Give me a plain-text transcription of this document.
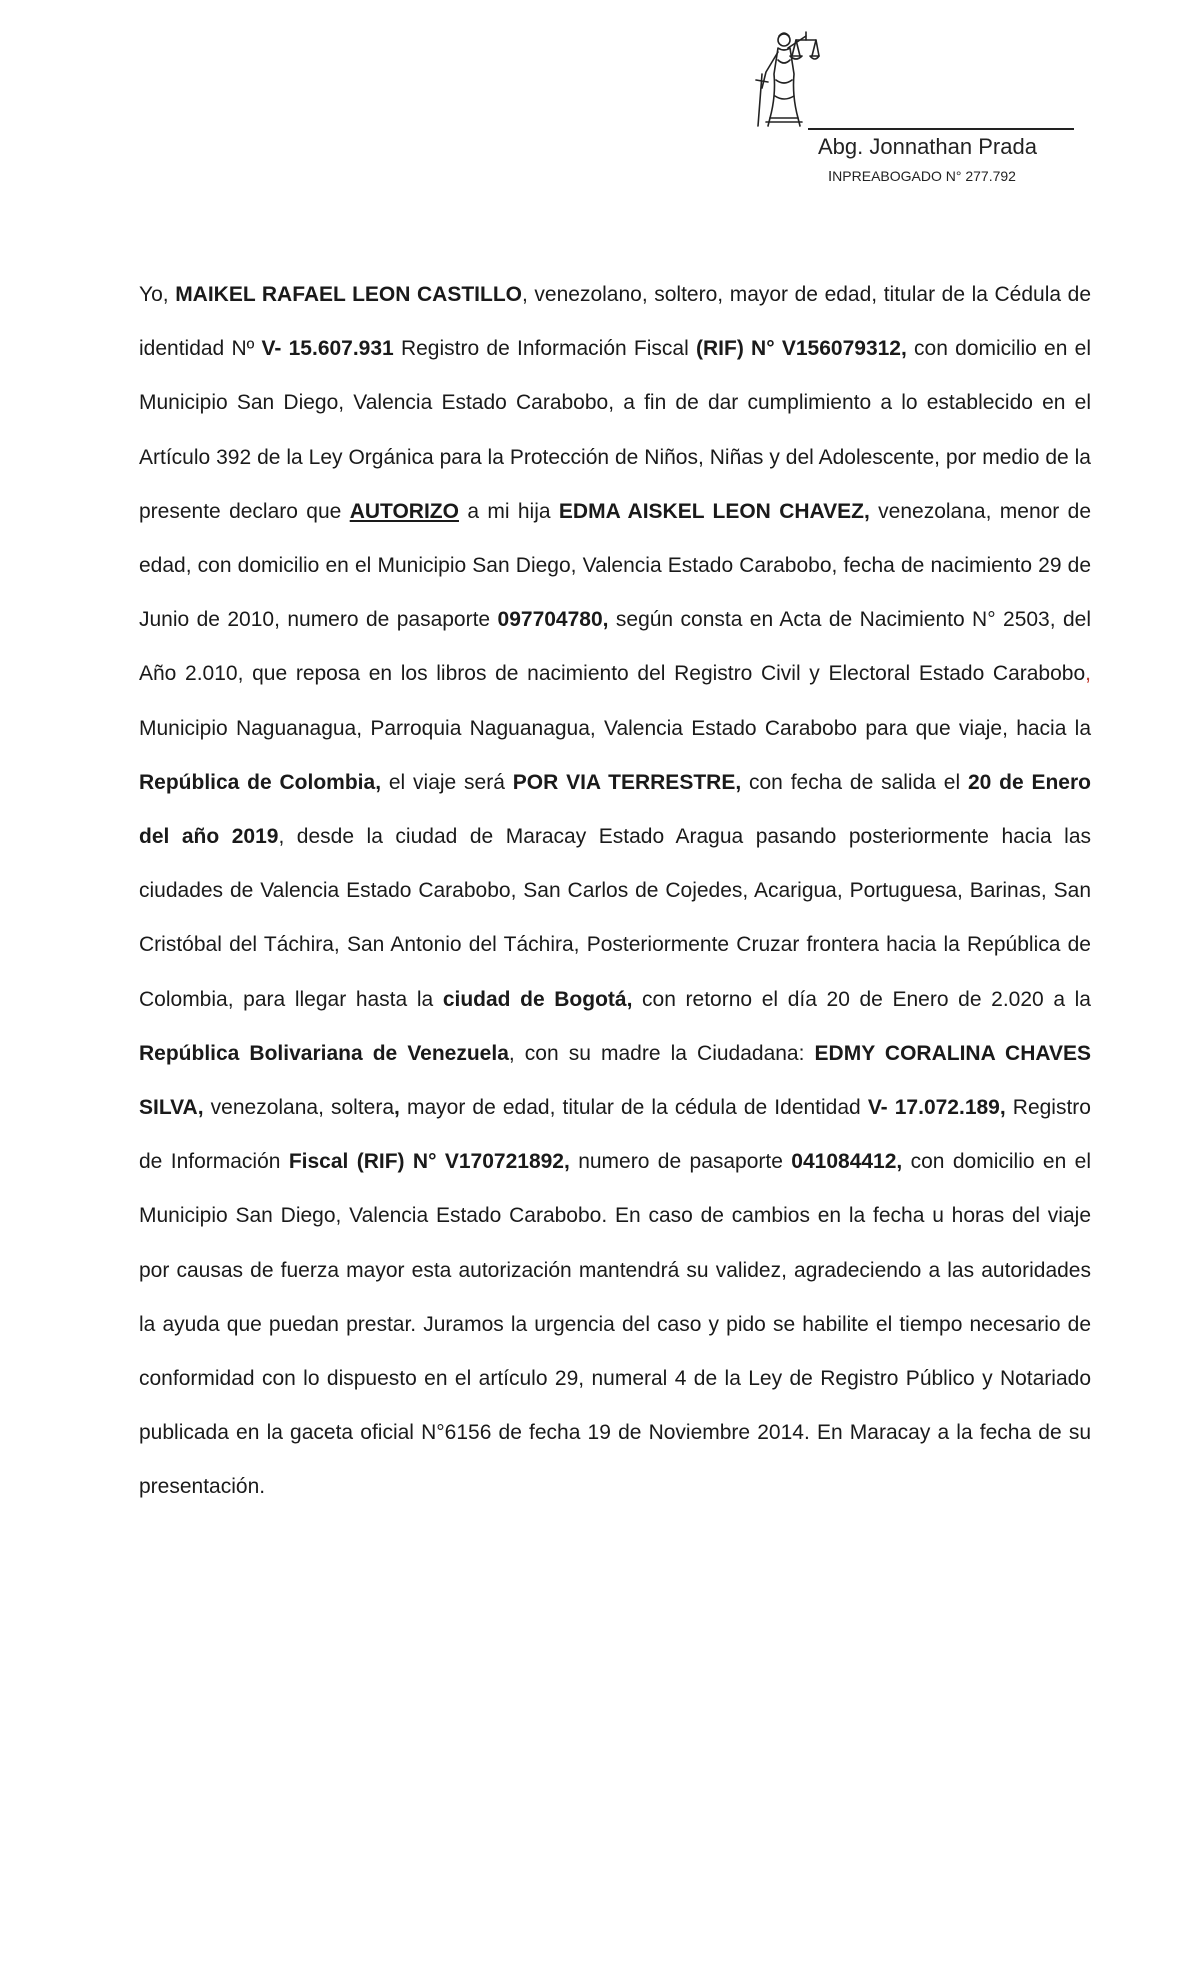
Abg. Jonnathan Prada
INPREABOGADO N° 277.792
Yo, MAIKEL RAFAEL LEON CASTILLO, venezolano, soltero, mayor de edad, titular de la Cédula de identidad Nº V- 15.607.931 Registro de Información Fiscal (RIF) N° V156079312, con domicilio en el Municipio San Diego, Valencia Estado Carabobo, a fin de dar cumplimiento a lo establecido en el Artículo 392 de la Ley Orgánica para la Protección de Niños, Niñas y del Adolescente, por medio de la presente declaro que AUTORIZO a mi hija EDMA AISKEL LEON CHAVEZ, venezolana, menor de edad, con domicilio en el Municipio San Diego, Valencia Estado Carabobo, fecha de nacimiento 29 de Junio de 2010, numero de pasaporte 097704780, según consta en Acta de Nacimiento N° 2503, del Año 2.010, que reposa en los libros de nacimiento del Registro Civil y Electoral Estado Carabobo, Municipio Naguanagua, Parroquia Naguanagua, Valencia Estado Carabobo para que viaje, hacia la República de Colombia, el viaje será POR VIA TERRESTRE, con fecha de salida el 20 de Enero del año 2019, desde la ciudad de Maracay Estado Aragua pasando posteriormente hacia las ciudades de Valencia Estado Carabobo, San Carlos de Cojedes, Acarigua, Portuguesa, Barinas, San Cristóbal del Táchira, San Antonio del Táchira, Posteriormente Cruzar frontera hacia la República de Colombia, para llegar hasta la ciudad de Bogotá, con retorno el día 20 de Enero de 2.020 a la República Bolivariana de Venezuela, con su madre la Ciudadana: EDMY CORALINA CHAVES SILVA, venezolana, soltera, mayor de edad, titular de la cédula de Identidad V- 17.072.189, Registro de Información Fiscal (RIF) N° V170721892, numero de pasaporte 041084412, con domicilio en el Municipio San Diego, Valencia Estado Carabobo. En caso de cambios en la fecha u horas del viaje por causas de fuerza mayor esta autorización mantendrá su validez, agradeciendo a las autoridades la ayuda que puedan prestar. Juramos la urgencia del caso y pido se habilite el tiempo necesario de conformidad con lo dispuesto en el artículo 29, numeral 4 de la Ley de Registro Público y Notariado publicada en la gaceta oficial N°6156 de fecha 19 de Noviembre 2014. En Maracay a la fecha de su presentación.
